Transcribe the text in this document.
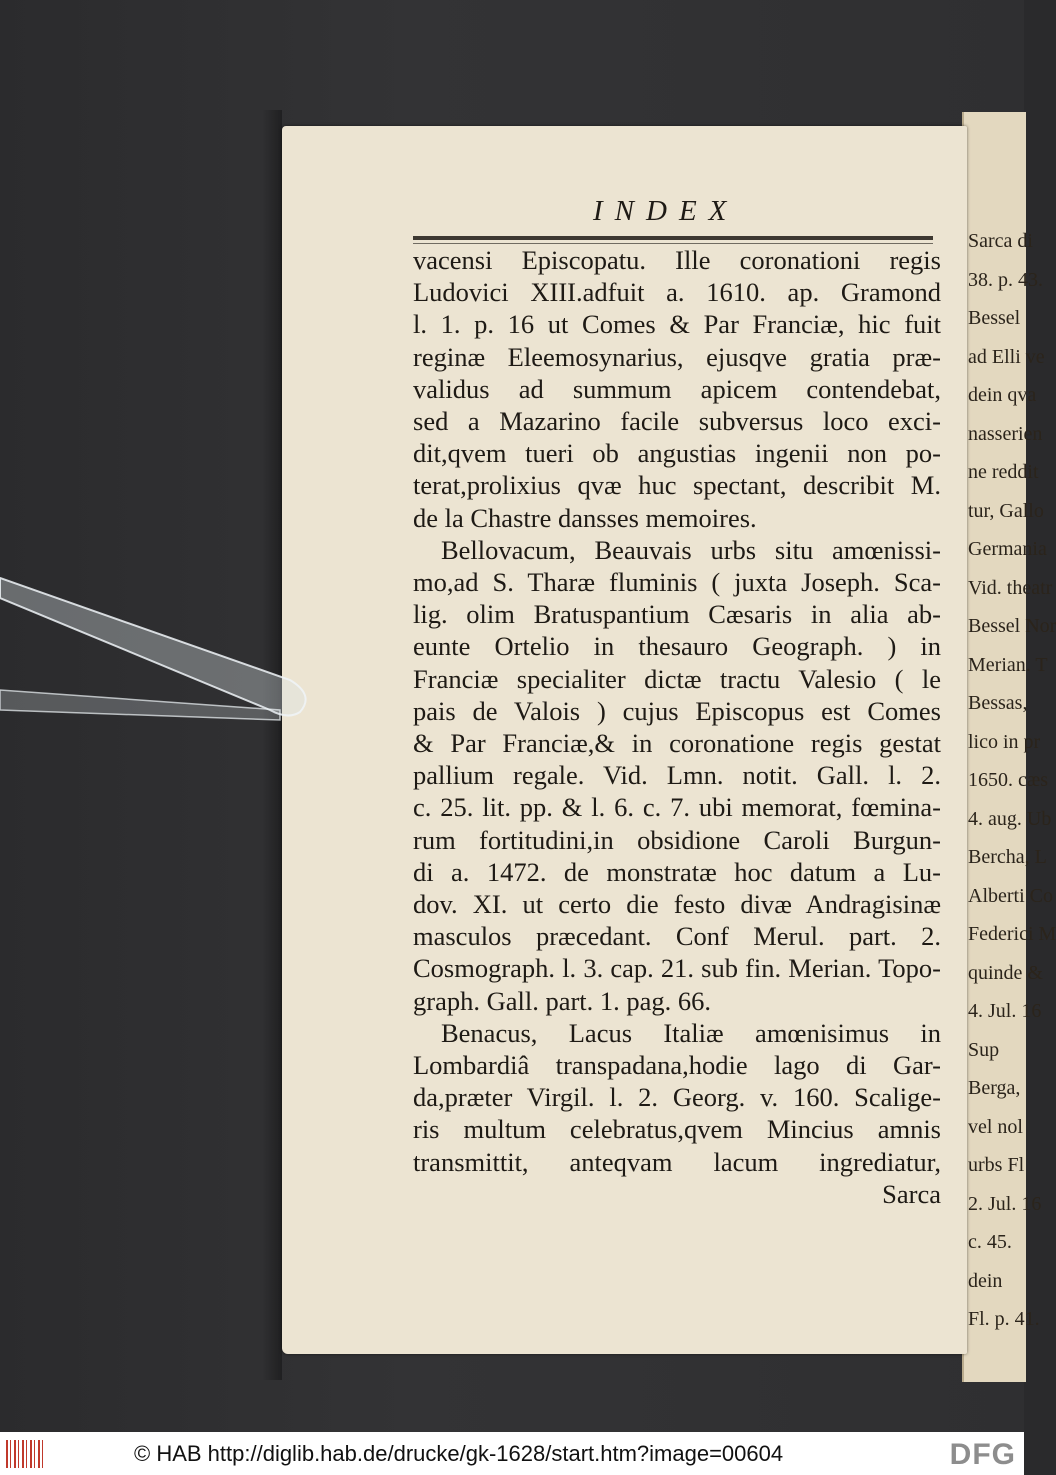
Sarca di
38. p. 43.
Bessel
ad Elli ve
dein qva
nasserien
ne reddit
tur, Gallo
Germania
Vid. theatr
Bessel Nor
Merian. T
Bessas,
lico in pr
1650. cæs
4. aug. Ub
Bercha, L
Alberti Co
Federici M
quinde &
4. Jul. 16
Sup
Berga,
vel nol
urbs Fl
2. Jul. 16
c. 45.
dein
Fl. p. 41.
INDEX
vacensi Episcopatu. Ille coronationi regis
Ludovici XIII.adfuit a. 1610. ap. Gramond
l. 1. p. 16 ut Comes & Par Franciæ, hic fuit
reginæ Eleemosynarius, ejusqve gratia præ-
validus ad summum apicem contendebat,
sed a Mazarino facile subversus loco exci-
dit,qvem tueri ob angustias ingenii non po-
terat,prolixius qvæ huc spectant, describit M.
de la Chastre dansses memoires.
Bellovacum, Beauvais urbs situ amœnissi-
mo,ad S. Tharæ fluminis ( juxta Joseph. Sca-
lig. olim Bratuspantium Cæsaris in alia ab-
eunte Ortelio in thesauro Geograph. ) in
Franciæ specialiter dictæ tractu Valesio ( le
pais de Valois ) cujus Episcopus est Comes
& Par Franciæ,& in coronatione regis gestat
pallium regale. Vid. Lmn. notit. Gall. l. 2.
c. 25. lit. pp. & l. 6. c. 7. ubi memorat, fœmina-
rum fortitudini,in obsidione Caroli Burgun-
di a. 1472. de monstratæ hoc datum a Lu-
dov. XI. ut certo die festo divæ Andragisinæ
masculos præcedant. Conf Merul. part. 2.
Cosmograph. l. 3. cap. 21. sub fin. Merian. Topo-
graph. Gall. part. 1. pag. 66.
Benacus, Lacus Italiæ amœnisimus in
Lombardiâ transpadana,hodie lago di Gar-
da,præter Virgil. l. 2. Georg. v. 160. Scalige-
ris multum celebratus,qvem Mincius amnis
transmittit, anteqvam lacum ingrediatur,
Sarca
© HAB http://diglib.hab.de/drucke/gk-1628/start.htm?image=00604	DFG
